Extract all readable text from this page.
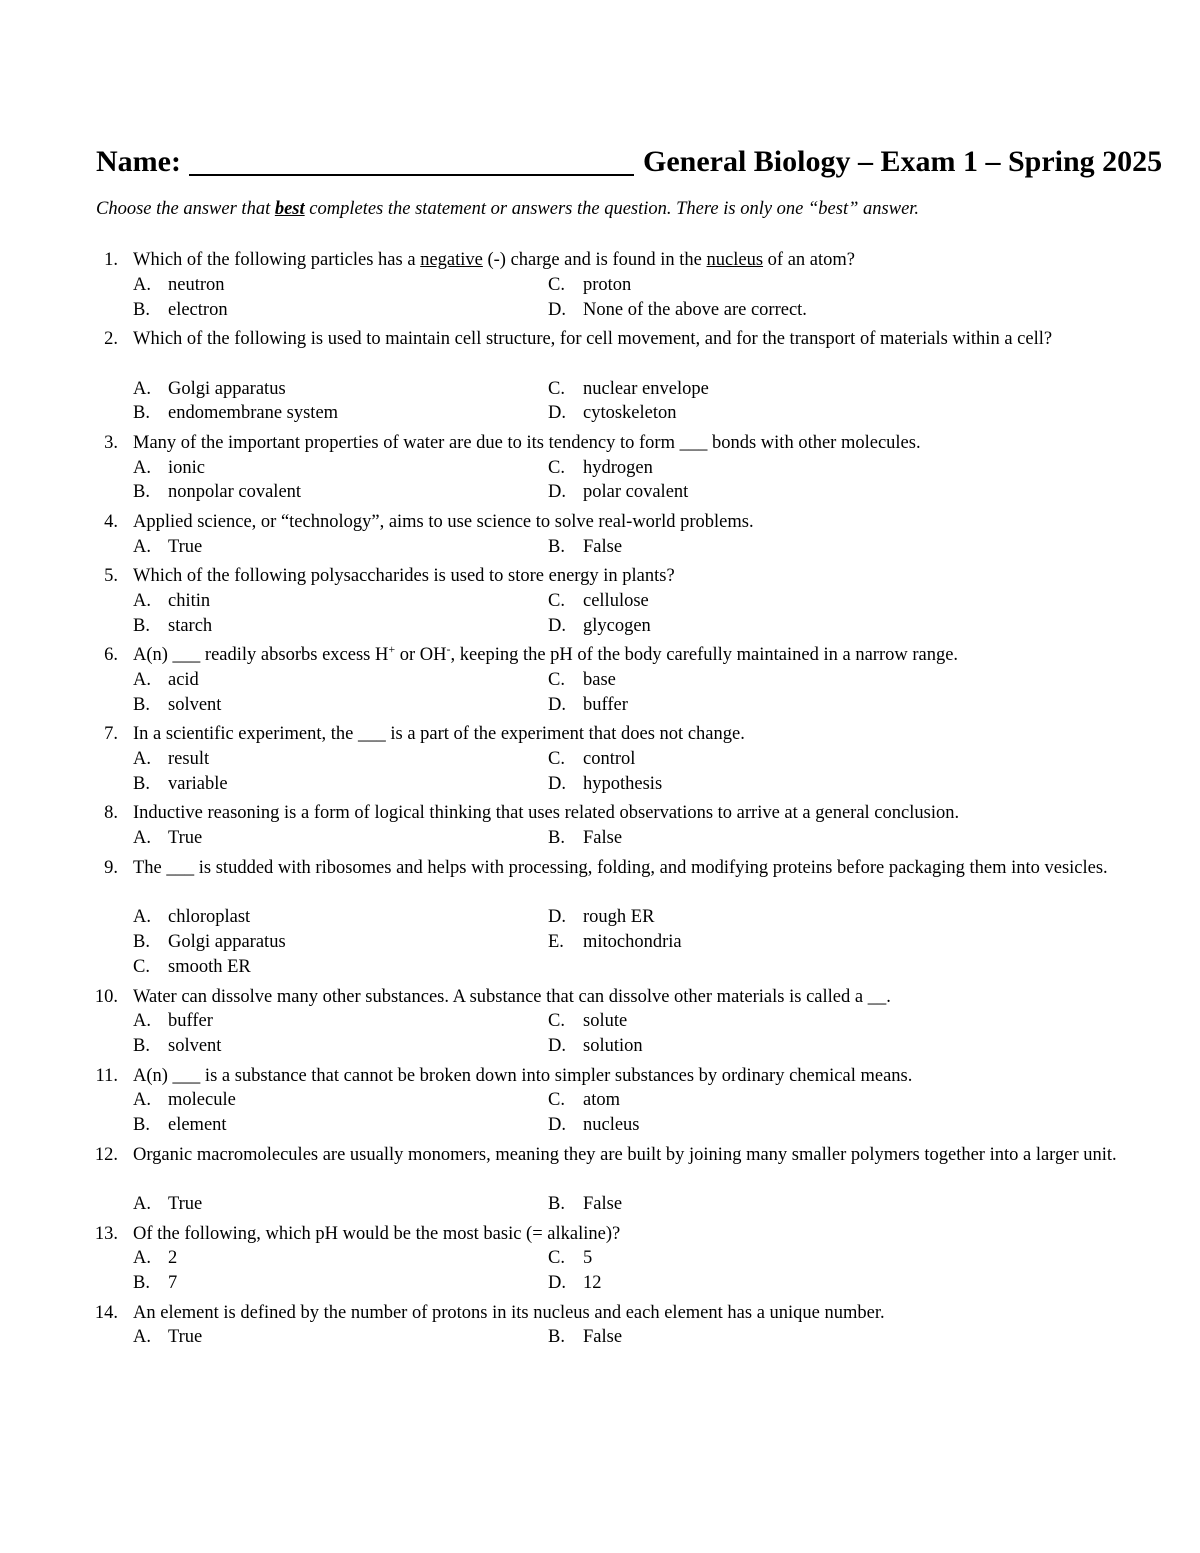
Name:	General Biology – Exam 1 – Spring 2025
Choose the answer that best completes the statement or answers the question. There is only one “best” answer.
1. Which of the following particles has a negative (-) charge and is found in the nucleus of an atom?
A. neutron	C. proton
B. electron	D. None of the above are correct.
2. Which of the following is used to maintain cell structure, for cell movement, and for the transport of materials within a cell?
A. Golgi apparatus	C. nuclear envelope
B. endomembrane system	D. cytoskeleton
3. Many of the important properties of water are due to its tendency to form ___ bonds with other molecules.
A. ionic	C. hydrogen
B. nonpolar covalent	D. polar covalent
4. Applied science, or “technology”, aims to use science to solve real-world problems.
A. True	B. False
5. Which of the following polysaccharides is used to store energy in plants?
A. chitin	C. cellulose
B. starch	D. glycogen
6. A(n) ___ readily absorbs excess H+ or OH-, keeping the pH of the body carefully maintained in a narrow range.
A. acid	C. base
B. solvent	D. buffer
7. In a scientific experiment, the ___ is a part of the experiment that does not change.
A. result	C. control
B. variable	D. hypothesis
8. Inductive reasoning is a form of logical thinking that uses related observations to arrive at a general conclusion.
A. True	B. False
9. The ___ is studded with ribosomes and helps with processing, folding, and modifying proteins before packaging them into vesicles.
A. chloroplast	D. rough ER
B. Golgi apparatus	E. mitochondria
C. smooth ER
10. Water can dissolve many other substances. A substance that can dissolve other materials is called a __.
A. buffer	C. solute
B. solvent	D. solution
11. A(n) ___ is a substance that cannot be broken down into simpler substances by ordinary chemical means.
A. molecule	C. atom
B. element	D. nucleus
12. Organic macromolecules are usually monomers, meaning they are built by joining many smaller polymers together into a larger unit.
A. True	B. False
13. Of the following, which pH would be the most basic (= alkaline)?
A. 2	C. 5
B. 7	D. 12
14. An element is defined by the number of protons in its nucleus and each element has a unique number.
A. True	B. False
